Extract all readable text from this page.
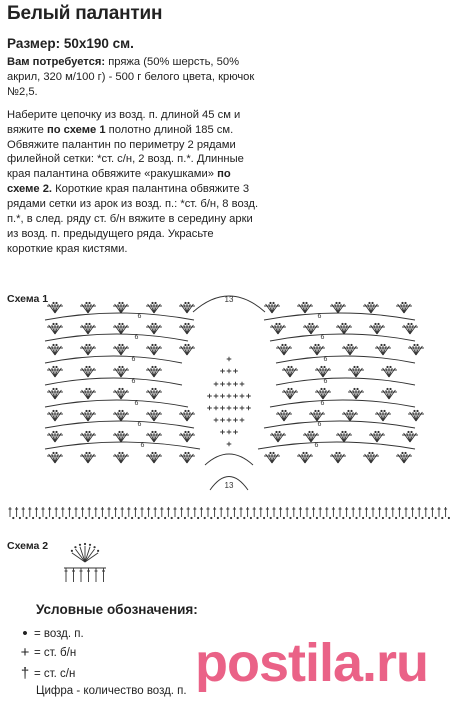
Белый палантин
Размер: 50x190 см.

Вам потребуется: пряжа (50% шерсть, 50% акрил, 320 м/100 г) - 500 г белого цвета, крючок №2,5.

Наберите цепочку из возд. п. длиной 45 см и вяжите по схеме 1 полотно длиной 185 см. Обвяжите палантин по периметру 2 рядами филейной сетки: *ст. с/н, 2 возд. п.*. Длинные края палантина обвяжите «ракушками» по схеме 2. Короткие края палантина обвяжите 3 рядами сетки из арок из возд. п.: *ст. б/н, 8 возд. п.*, в след. ряду ст. б/н вяжите в середину арки из возд. п. предыдущего ряда. Украсьте короткие края кистями.

Схема 1
6	6
6	6
6	6
6	6
6	6
6	6
6	6
13
13
Схема 2
Условные обозначения:
• = возд. п.
+ = ст. б/н
† = ст. с/н
Цифра - количество возд. п. postila.ru
